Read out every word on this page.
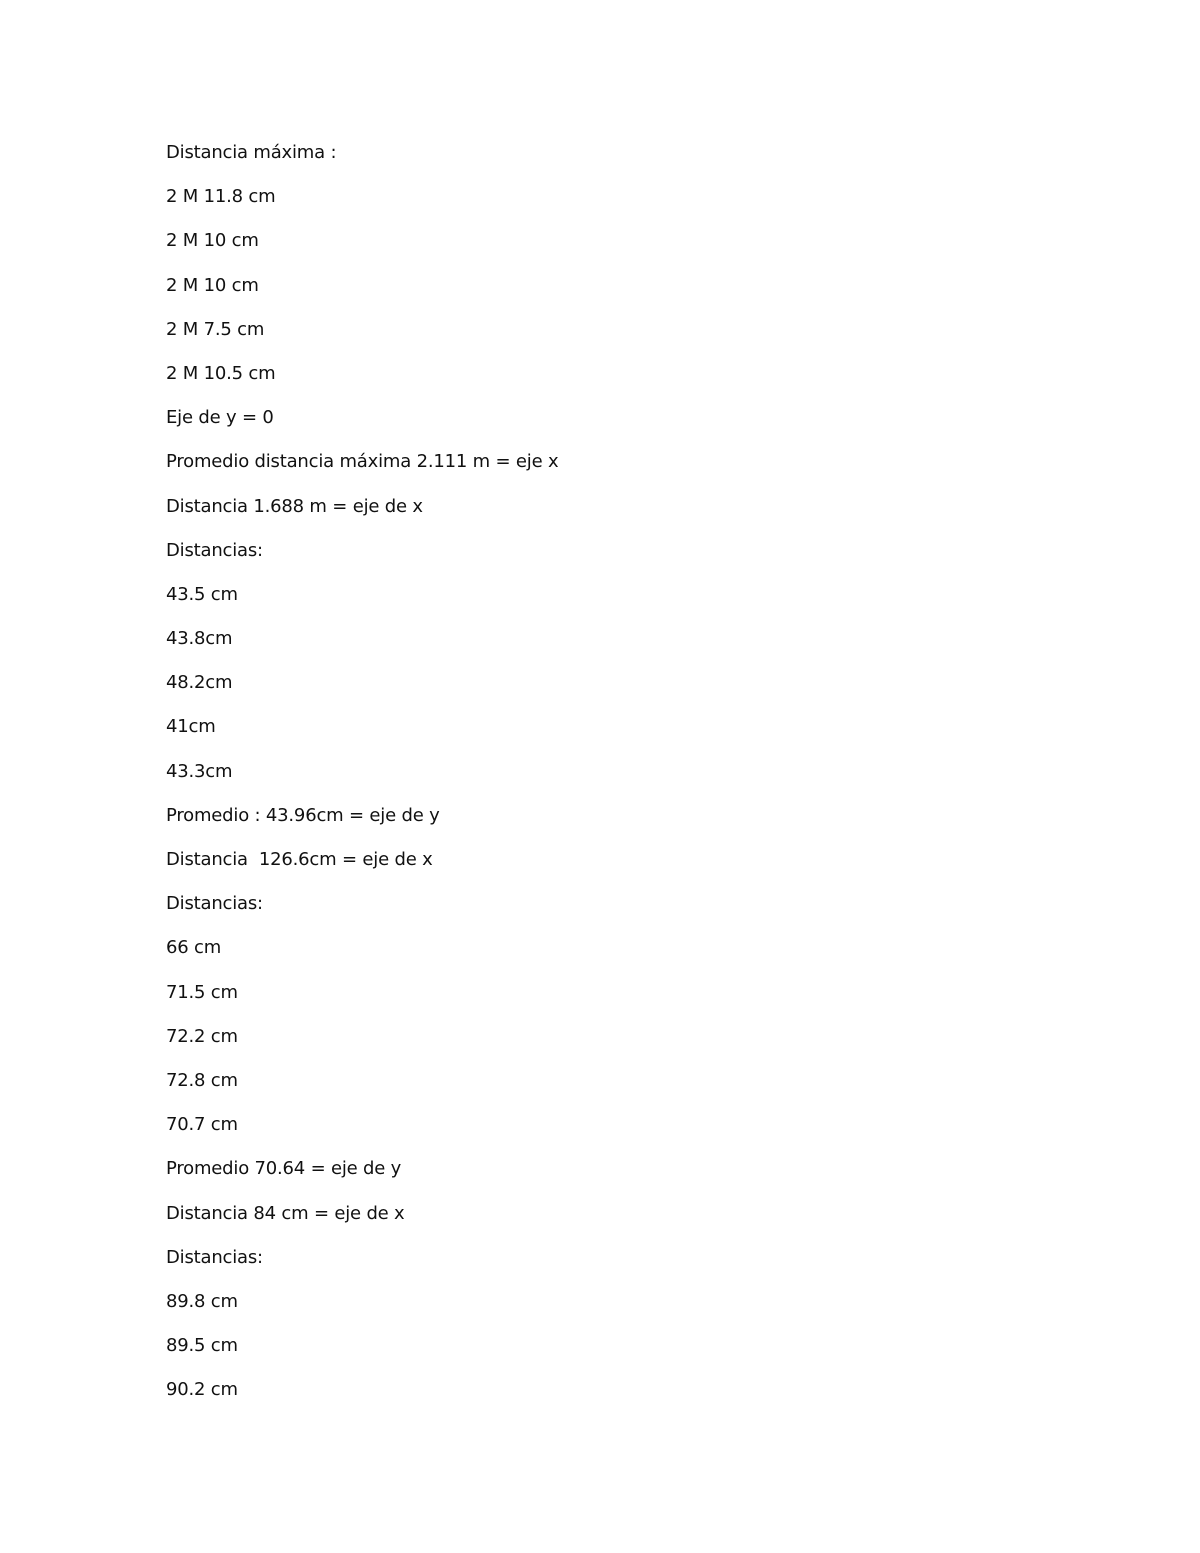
Distancia máxima :
2 M 11.8 cm
2 M 10 cm
2 M 10 cm
2 M 7.5 cm
2 M 10.5 cm
Eje de y = 0
Promedio distancia máxima 2.111 m = eje x
Distancia 1.688 m = eje de x
Distancias:
43.5 cm
43.8cm
48.2cm
41cm
43.3cm
Promedio : 43.96cm = eje de y
Distancia  126.6cm = eje de x
Distancias:
66 cm
71.5 cm
72.2 cm
72.8 cm
70.7 cm
Promedio 70.64 = eje de y
Distancia 84 cm = eje de x
Distancias:
89.8 cm
89.5 cm
90.2 cm
